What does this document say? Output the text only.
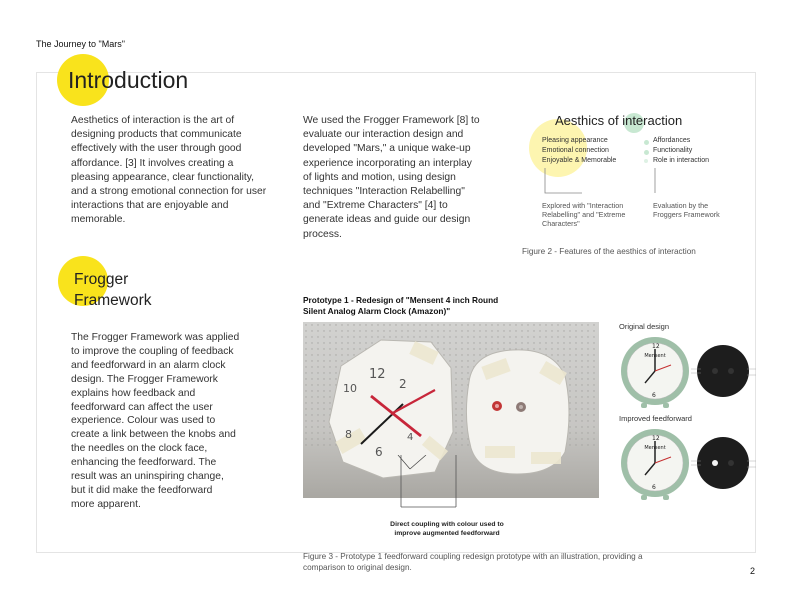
The Journey to "Mars"
Introduction
Aesthetics of interaction is the art of
designing products that communicate
effectively with the user through good
affordance. [3] It involves creating a
pleasing appearance, clear functionality,
and a strong emotional connection for user
interactions that are enjoyable and
memorable.
We used the Frogger Framework [8] to
evaluate our interaction design and
developed "Mars," a unique wake-up
experience incorporating an interplay
of lights and motion, using design
techniques "Interaction Relabelling"
and "Extreme Characters" [4] to
generate ideas and guide our design
process.
Aesthics of interaction
Pleasing appearance
Emotional connection
Enjoyable & Memorable
Affordances
Functionality
Role in interaction
Explored with "Interaction
Relabelling" and "Extreme
Characters"
Evaluation by the
Froggers Framework
Figure 2 - Features of the aesthics of interaction
Frogger
Framework
The Frogger Framework was applied
to improve the coupling of feedback
and feedforward in an alarm clock
design. The Frogger Framework
explains how feedback and
feedforward can affect the user
experience. Colour was used to
create a link between the knobs and
the needles on the clock face,
enhancing the feedforward. The
result was an uninspiring change,
but it did make the feedforward
more apparent.
Prototype 1 - Redesign of "Mensent 4 inch Round
Silent Analog Alarm Clock (Amazon)"
12
2
10
8
6
4
Direct coupling with colour used to
improve augmented feedforward
Original design
Mensent
12
6
Improved feedforward
Mensent
12
6
Figure 3 - Prototype 1 feedforward coupling redesign prototype with an illustration, providing a
comparison to original design.	2
